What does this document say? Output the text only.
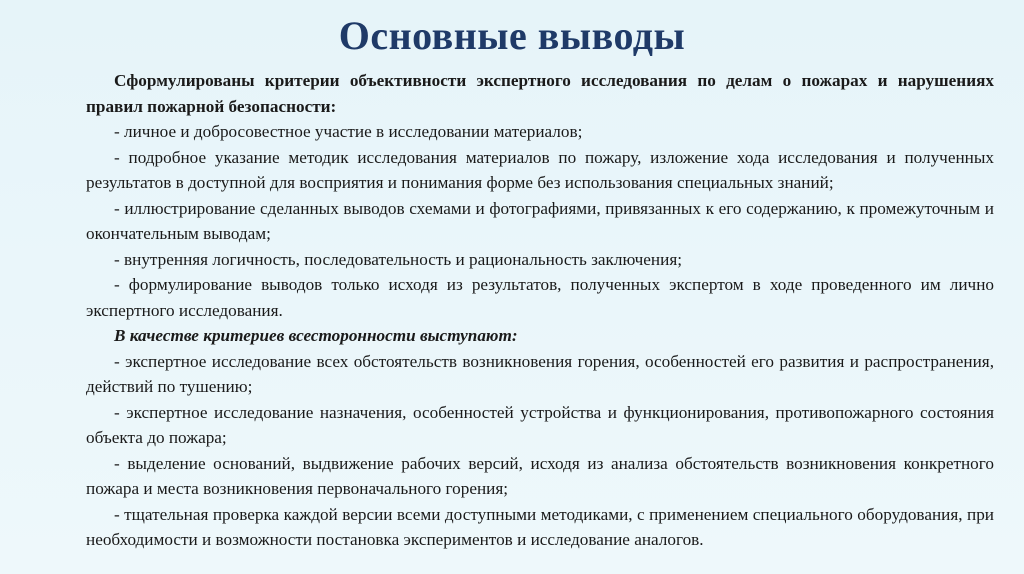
Основные выводы

Сформулированы критерии объективности экспертного исследования по делам о пожарах и нарушениях правил пожарной безопасности:

- личное и добросовестное участие в исследовании материалов;

- подробное указание методик исследования материалов по пожару, изложение хода исследования и полученных результатов в доступной для восприятия и понимания форме без использования специальных знаний;

- иллюстрирование сделанных выводов схемами и фотографиями, привязанных к его содержанию, к промежуточным и окончательным выводам;

- внутренняя логичность, последовательность и рациональность заключения;

- формулирование выводов только исходя из результатов, полученных экспертом в ходе проведенного им лично экспертного исследования.

В качестве критериев всесторонности выступают:

- экспертное исследование всех обстоятельств возникновения горения, особенностей его развития и распространения, действий по тушению;

- экспертное исследование назначения, особенностей устройства и функционирования, противопожарного состояния объекта до пожара;

- выделение оснований, выдвижение рабочих версий, исходя из анализа обстоятельств возникновения конкретного пожара и места возникновения первоначального горения;

- тщательная проверка каждой версии всеми доступными методиками, с применением специального оборудования, при необходимости и возможности постановка экспериментов и исследование аналогов.
